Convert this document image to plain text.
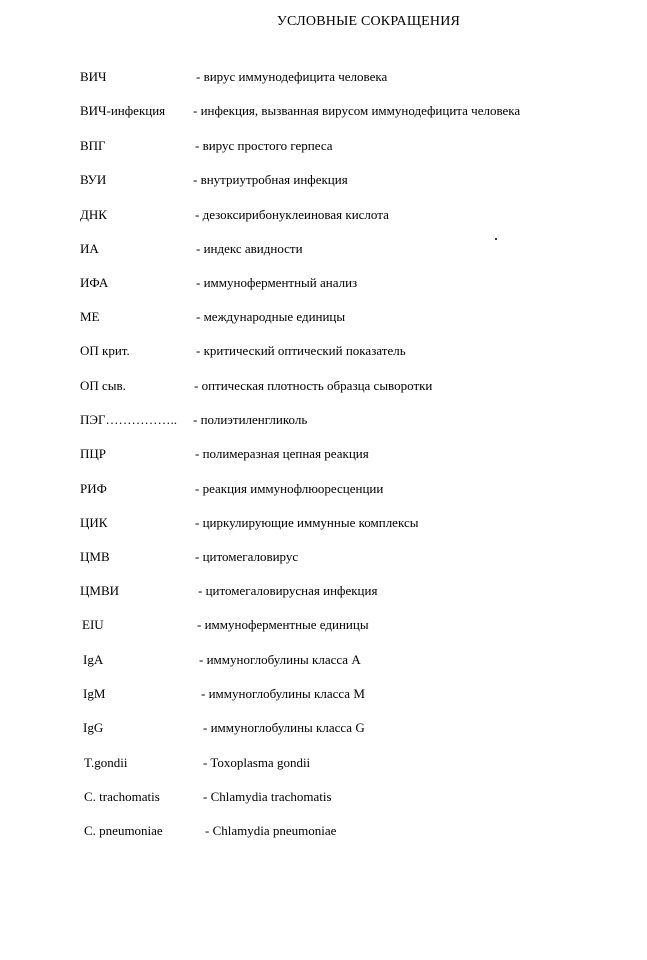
УСЛОВНЫЕ СОКРАЩЕНИЯ
ВИЧ	- вирус иммунодефицита человека
ВИЧ-инфекция - инфекция, вызванная вирусом иммунодефицита человека
ВПГ	- вирус простого герпеса
ВУИ	- внутриутробная инфекция
ДНК	- дезоксирибонуклеиновая кислота
ИА	- индекс авидности
ИФА	- иммуноферментный анализ
МЕ	- международные единицы
ОП крит.	- критический оптический показатель
ОП сыв.	- оптическая плотность образца сыворотки
ПЭГ…………….. - полиэтиленгликоль
ПЦР	- полимеразная цепная реакция
РИФ	- реакция иммунофлюоресценции
ЦИК	- циркулирующие иммунные комплексы
ЦМВ	- цитомегаловирус
ЦМВИ	- цитомегаловирусная инфекция
EIU	- иммуноферментные единицы
IgA	- иммуноглобулины класса А
IgM	- иммуноглобулины класса М
IgG	- иммуноглобулины класса G
T.gondii	- Toxoplasma gondii
C. trachomatis	- Chlamydia trachomatis
C. pneumoniae	- Chlamydia pneumoniae
